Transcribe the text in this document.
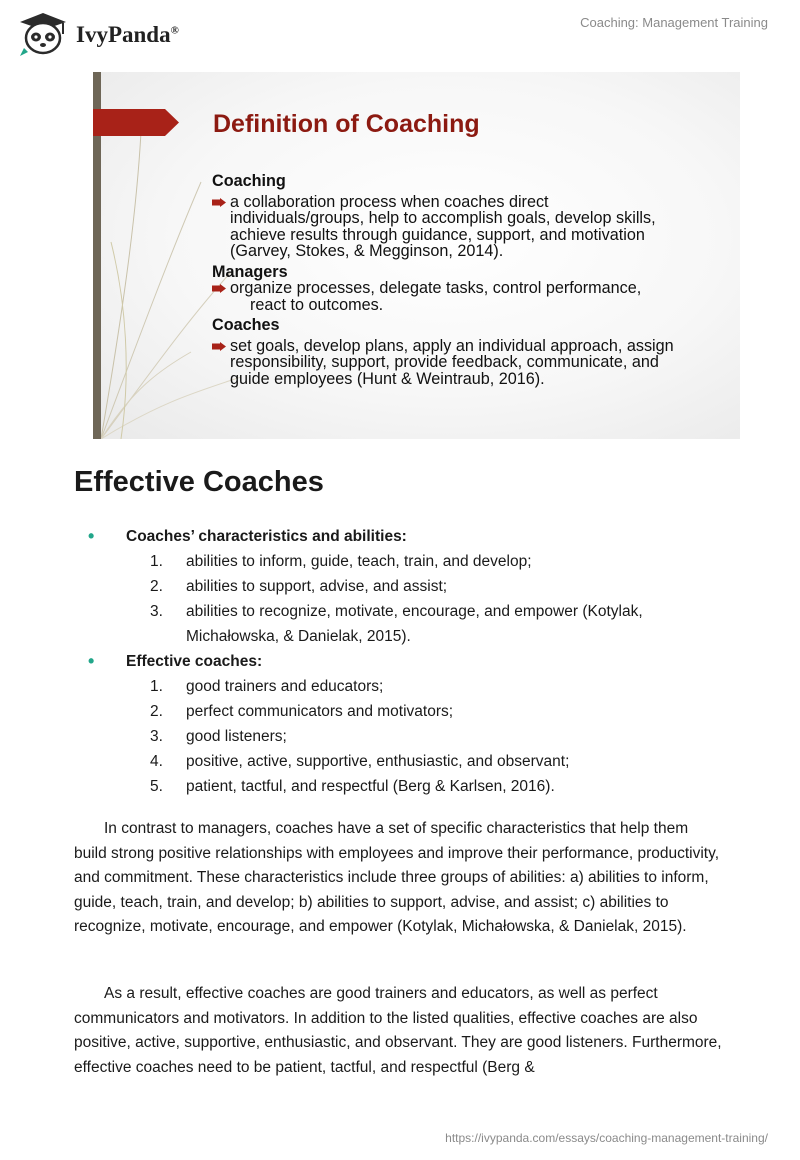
IvyPanda®
Coaching: Management Training
Definition of Coaching
Coaching
a collaboration process when coaches direct
individuals/groups, help to accomplish goals, develop skills,
achieve results through guidance, support, and motivation
(Garvey, Stokes, & Megginson, 2014).
Managers
organize processes, delegate tasks, control performance,
react to outcomes.
Coaches
set goals, develop plans, apply an individual approach, assign
responsibility, support, provide feedback, communicate, and
guide employees (Hunt & Weintraub, 2016).
Effective Coaches
• Coaches’ characteristics and abilities:
1. abilities to inform, guide, teach, train, and develop;
2. abilities to support, advise, and assist;
3. abilities to recognize, motivate, encourage, and empower (Kotylak, Michałowska, & Danielak, 2015).
• Effective coaches:
1. good trainers and educators;
2. perfect communicators and motivators;
3. good listeners;
4. positive, active, supportive, enthusiastic, and observant;
5. patient, tactful, and respectful (Berg & Karlsen, 2016).

In contrast to managers, coaches have a set of specific characteristics that help them build strong positive relationships with employees and improve their performance, productivity, and commitment. These characteristics include three groups of abilities: a) abilities to inform, guide, teach, train, and develop; b) abilities to support, advise, and assist; c) abilities to recognize, motivate, encourage, and empower (Kotylak, Michałowska, & Danielak, 2015).

As a result, effective coaches are good trainers and educators, as well as perfect communicators and motivators. In addition to the listed qualities, effective coaches are also positive, active, supportive, enthusiastic, and observant. They are good listeners. Furthermore, effective coaches need to be patient, tactful, and respectful (Berg &

https://ivypanda.com/essays/coaching-management-training/
